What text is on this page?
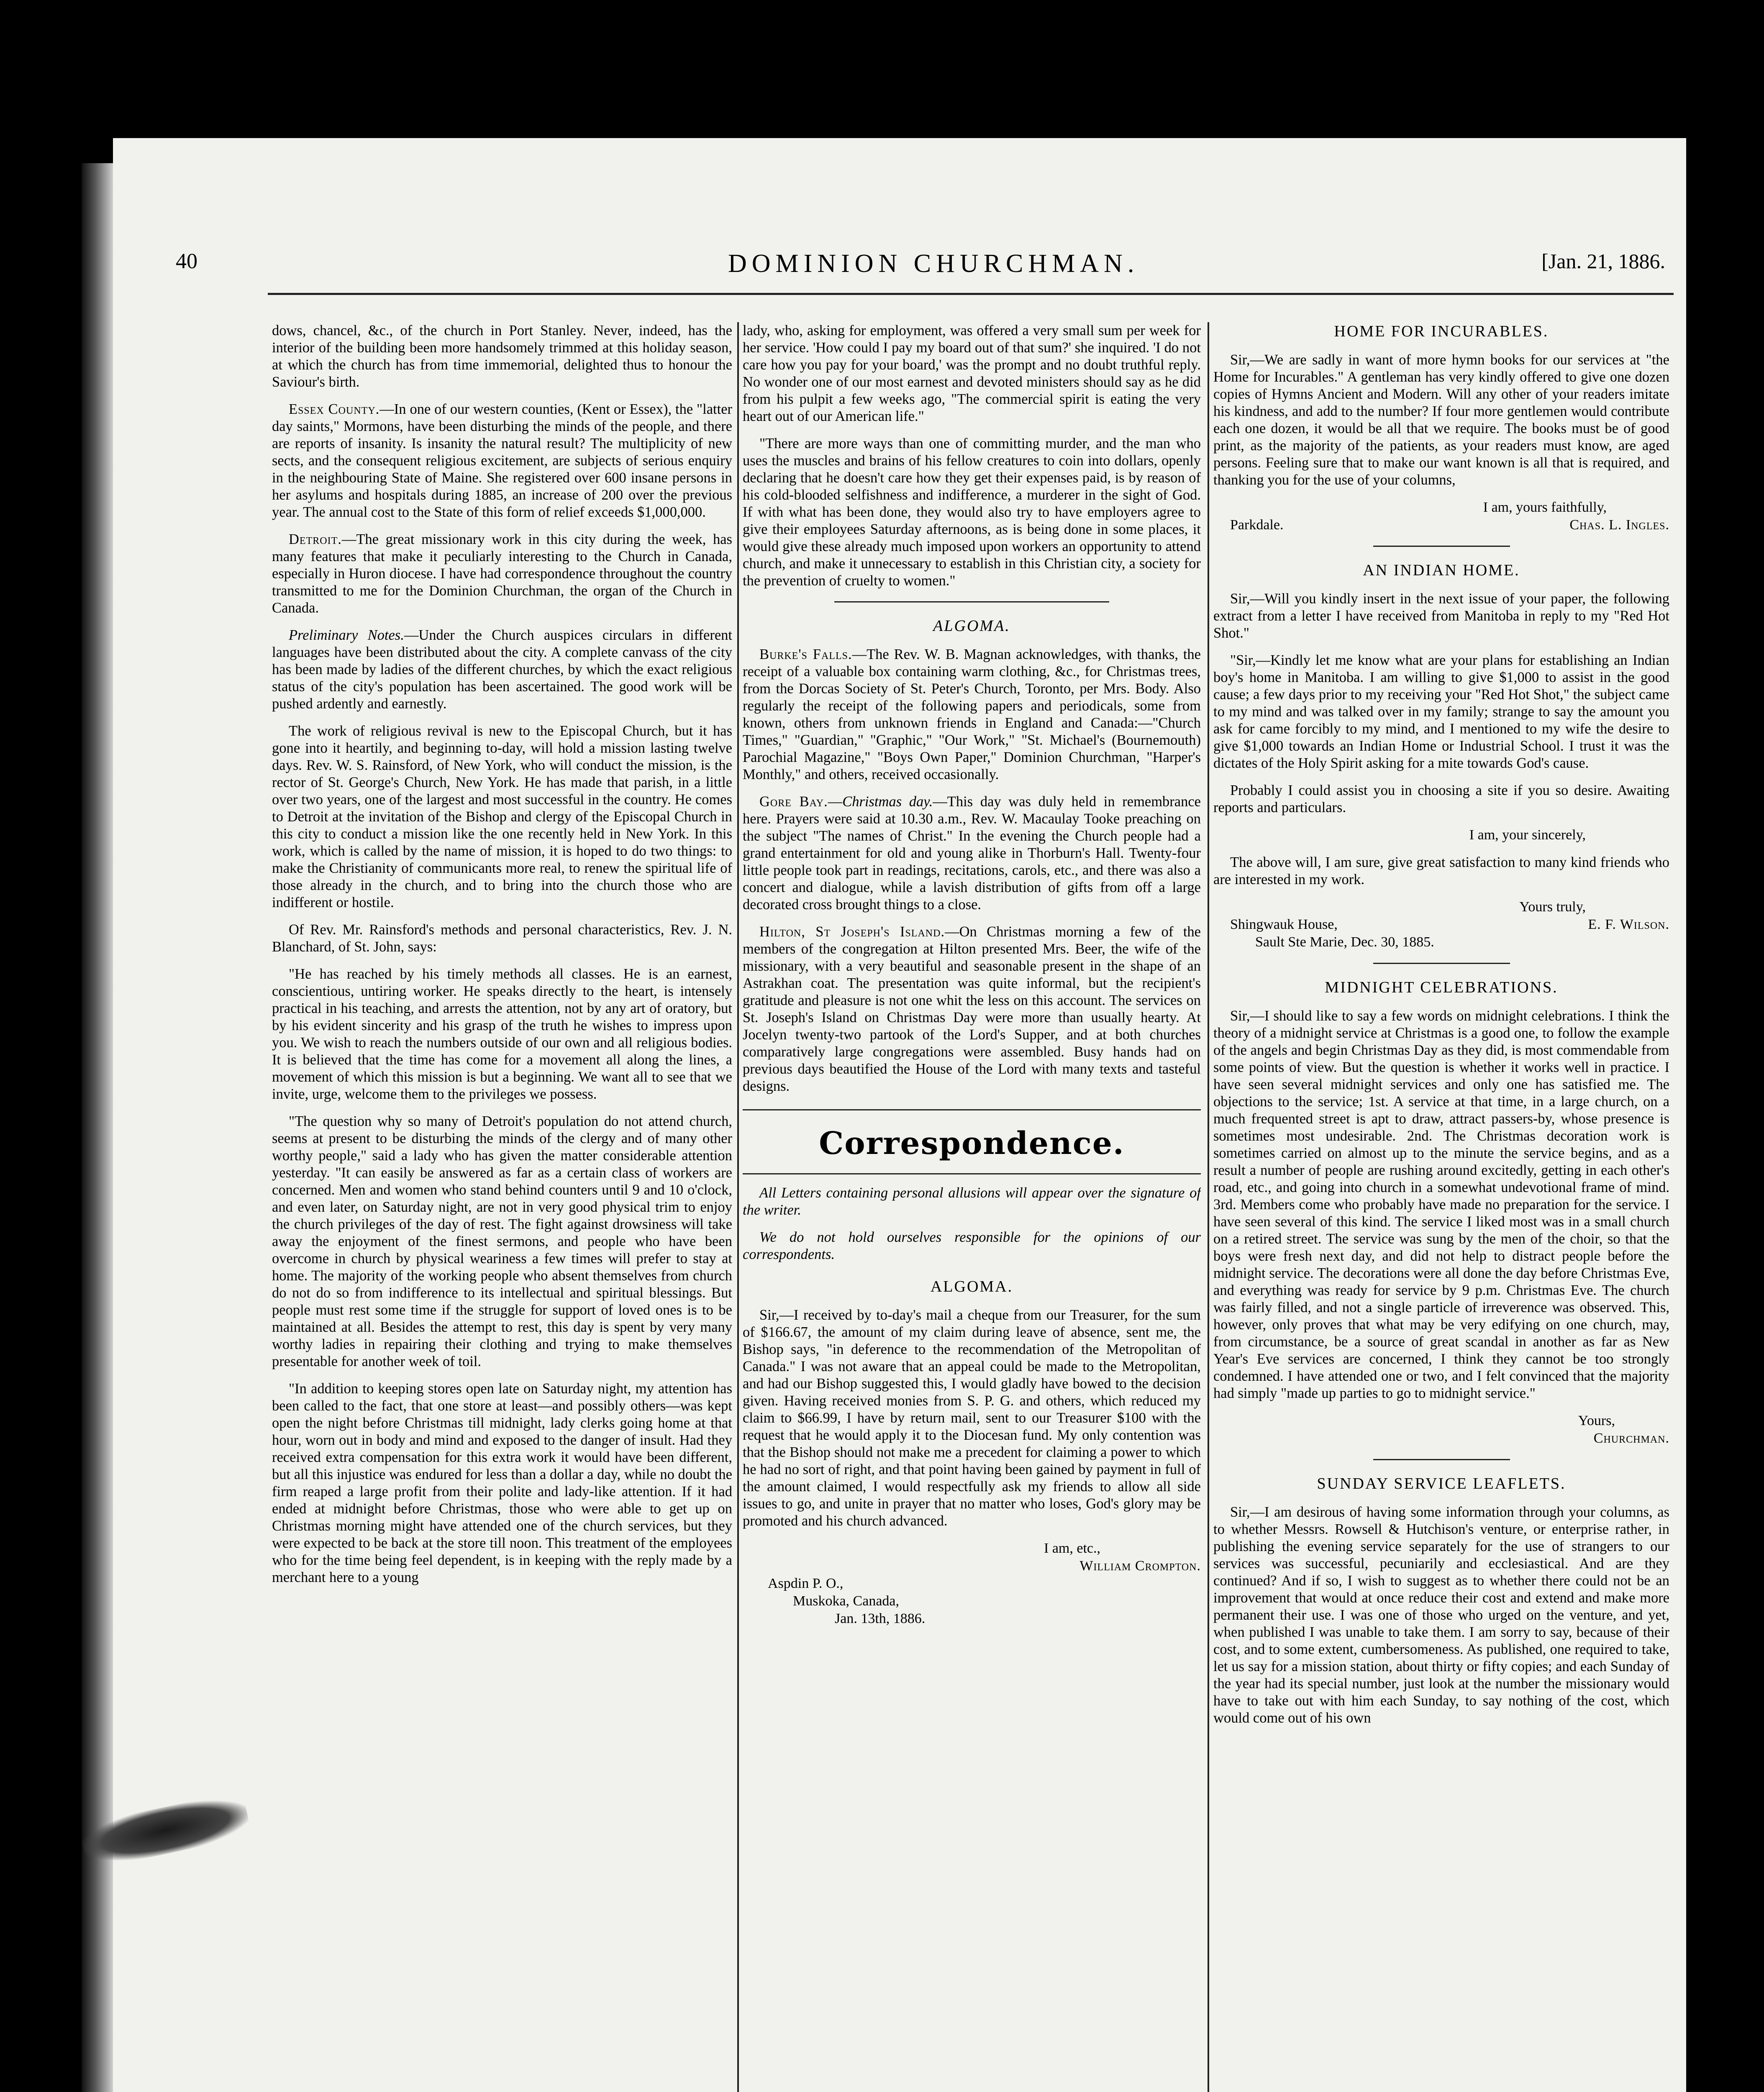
40	DOMINION CHURCHMAN.	[Jan. 21, 1886.

dows, chancel, &c., of the church in Port Stanley. Never, indeed, has the interior of the building been more handsomely trimmed at this holiday season, at which the church has from time immemorial, delighted thus to honour the Saviour's birth.

Essex County.—In one of our western counties, (Kent or Essex), the "latter day saints," Mormons, have been disturbing the minds of the people, and there are reports of insanity. Is insanity the natural result? The multiplicity of new sects, and the consequent religious excitement, are subjects of serious enquiry in the neighbouring State of Maine. She registered over 600 insane persons in her asylums and hospitals during 1885, an increase of 200 over the previous year. The annual cost to the State of this form of relief exceeds $1,000,000.

Detroit.—The great missionary work in this city during the week, has many features that make it peculiarly interesting to the Church in Canada, especially in Huron diocese. I have had correspondence throughout the country transmitted to me for the Dominion Churchman, the organ of the Church in Canada.

Preliminary Notes.—Under the Church auspices circulars in different languages have been distributed about the city. A complete canvass of the city has been made by ladies of the different churches, by which the exact religious status of the city's population has been ascertained. The good work will be pushed ardently and earnestly.

The work of religious revival is new to the Episcopal Church, but it has gone into it heartily, and beginning to-day, will hold a mission lasting twelve days. Rev. W. S. Rainsford, of New York, who will conduct the mission, is the rector of St. George's Church, New York. He has made that parish, in a little over two years, one of the largest and most successful in the country. He comes to Detroit at the invitation of the Bishop and clergy of the Episcopal Church in this city to conduct a mission like the one recently held in New York. In this work, which is called by the name of mission, it is hoped to do two things: to make the Christianity of communicants more real, to renew the spiritual life of those already in the church, and to bring into the church those who are indifferent or hostile.

Of Rev. Mr. Rainsford's methods and personal characteristics, Rev. J. N. Blanchard, of St. John, says:

"He has reached by his timely methods all classes. He is an earnest, conscientious, untiring worker. He speaks directly to the heart, is intensely practical in his teaching, and arrests the attention, not by any art of oratory, but by his evident sincerity and his grasp of the truth he wishes to impress upon you. We wish to reach the numbers outside of our own and all religious bodies. It is believed that the time has come for a movement all along the lines, a movement of which this mission is but a beginning. We want all to see that we invite, urge, welcome them to the privileges we possess.

"The question why so many of Detroit's population do not attend church, seems at present to be disturbing the minds of the clergy and of many other worthy people," said a lady who has given the matter considerable attention yesterday. "It can easily be answered as far as a certain class of workers are concerned. Men and women who stand behind counters until 9 and 10 o'clock, and even later, on Saturday night, are not in very good physical trim to enjoy the church privileges of the day of rest. The fight against drowsiness will take away the enjoyment of the finest sermons, and people who have been overcome in church by physical weariness a few times will prefer to stay at home. The majority of the working people who absent themselves from church do not do so from indifference to its intellectual and spiritual blessings. But people must rest some time if the struggle for support of loved ones is to be maintained at all. Besides the attempt to rest, this day is spent by very many worthy ladies in repairing their clothing and trying to make themselves presentable for another week of toil.

"In addition to keeping stores open late on Saturday night, my attention has been called to the fact, that one store at least—and possibly others—was kept open the night before Christmas till midnight, lady clerks going home at that hour, worn out in body and mind and exposed to the danger of insult. Had they received extra compensation for this extra work it would have been different, but all this injustice was endured for less than a dollar a day, while no doubt the firm reaped a large profit from their polite and lady-like attention. If it had ended at midnight before Christmas, those who were able to get up on Christmas morning might have attended one of the church services, but they were expected to be back at the store till noon. This treatment of the employees who for the time being feel dependent, is in keeping with the reply made by a merchant here to a young

lady, who, asking for employment, was offered a very small sum per week for her service. 'How could I pay my board out of that sum?' she inquired. 'I do not care how you pay for your board,' was the prompt and no doubt truthful reply. No wonder one of our most earnest and devoted ministers should say as he did from his pulpit a few weeks ago, "The commercial spirit is eating the very heart out of our American life."

"There are more ways than one of committing murder, and the man who uses the muscles and brains of his fellow creatures to coin into dollars, openly declaring that he doesn't care how they get their expenses paid, is by reason of his cold-blooded selfishness and indifference, a murderer in the sight of God. If with what has been done, they would also try to have employers agree to give their employees Saturday afternoons, as is being done in some places, it would give these already much imposed upon workers an opportunity to attend church, and make it unnecessary to establish in this Christian city, a society for the prevention of cruelty to women."

ALGOMA.

Burke's Falls.—The Rev. W. B. Magnan acknowledges, with thanks, the receipt of a valuable box containing warm clothing, &c., for Christmas trees, from the Dorcas Society of St. Peter's Church, Toronto, per Mrs. Body. Also regularly the receipt of the following papers and periodicals, some from known, others from unknown friends in England and Canada:—"Church Times," "Guardian," "Graphic," "Our Work," "St. Michael's (Bournemouth) Parochial Magazine," "Boys Own Paper," Dominion Churchman, "Harper's Monthly," and others, received occasionally.

Gore Bay.—Christmas day.—This day was duly held in remembrance here. Prayers were said at 10.30 a.m., Rev. W. Macaulay Tooke preaching on the subject "The names of Christ." In the evening the Church people had a grand entertainment for old and young alike in Thorburn's Hall. Twenty-four little people took part in readings, recitations, carols, etc., and there was also a concert and dialogue, while a lavish distribution of gifts from off a large decorated cross brought things to a close.

Hilton, St Joseph's Island.—On Christmas morning a few of the members of the congregation at Hilton presented Mrs. Beer, the wife of the missionary, with a very beautiful and seasonable present in the shape of an Astrakhan coat. The presentation was quite informal, but the recipient's gratitude and pleasure is not one whit the less on this account. The services on St. Joseph's Island on Christmas Day were more than usually hearty. At Jocelyn twenty-two partook of the Lord's Supper, and at both churches comparatively large congregations were assembled. Busy hands had on previous days beautified the House of the Lord with many texts and tasteful designs.

Correspondence.

All Letters containing personal allusions will appear over the signature of the writer.

We do not hold ourselves responsible for the opinions of our correspondents.

ALGOMA.

Sir,—I received by to-day's mail a cheque from our Treasurer, for the sum of $166.67, the amount of my claim during leave of absence, sent me, the Bishop says, "in deference to the recommendation of the Metropolitan of Canada." I was not aware that an appeal could be made to the Metropolitan, and had our Bishop suggested this, I would gladly have bowed to the decision given. Having received monies from S. P. G. and others, which reduced my claim to $66.99, I have by return mail, sent to our Treasurer $100 with the request that he would apply it to the Diocesan fund. My only contention was that the Bishop should not make me a precedent for claiming a power to which he had no sort of right, and that point having been gained by payment in full of the amount claimed, I would respectfully ask my friends to allow all side issues to go, and unite in prayer that no matter who loses, God's glory may be promoted and his church advanced.

I am, etc.,
William Crompton.
Aspdin P. O.,
Muskoka, Canada,
Jan. 13th, 1886.
HOME FOR INCURABLES.

Sir,—We are sadly in want of more hymn books for our services at "the Home for Incurables." A gentleman has very kindly offered to give one dozen copies of Hymns Ancient and Modern. Will any other of your readers imitate his kindness, and add to the number? If four more gentlemen would contribute each one dozen, it would be all that we require. The books must be of good print, as the majority of the patients, as your readers must know, are aged persons. Feeling sure that to make our want known is all that is required, and thanking you for the use of your columns,

I am, yours faithfully,
Parkdale.	Chas. L. Ingles.
AN INDIAN HOME.

Sir,—Will you kindly insert in the next issue of your paper, the following extract from a letter I have received from Manitoba in reply to my "Red Hot Shot."

"Sir,—Kindly let me know what are your plans for establishing an Indian boy's home in Manitoba. I am willing to give $1,000 to assist in the good cause; a few days prior to my receiving your "Red Hot Shot," the subject came to my mind and was talked over in my family; strange to say the amount you ask for came forcibly to my mind, and I mentioned to my wife the desire to give $1,000 towards an Indian Home or Industrial School. I trust it was the dictates of the Holy Spirit asking for a mite towards God's cause.

Probably I could assist you in choosing a site if you so desire. Awaiting reports and particulars.

I am, your sincerely,

The above will, I am sure, give great satisfaction to many kind friends who are interested in my work.

Yours truly,
Shingwauk House,	E. F. Wilson.
Sault Ste Marie, Dec. 30, 1885.
MIDNIGHT CELEBRATIONS.

Sir,—I should like to say a few words on midnight celebrations. I think the theory of a midnight service at Christmas is a good one, to follow the example of the angels and begin Christmas Day as they did, is most commendable from some points of view. But the question is whether it works well in practice. I have seen several midnight services and only one has satisfied me. The objections to the service; 1st. A service at that time, in a large church, on a much frequented street is apt to draw, attract passers-by, whose presence is sometimes most undesirable. 2nd. The Christmas decoration work is sometimes carried on almost up to the minute the service begins, and as a result a number of people are rushing around excitedly, getting in each other's road, etc., and going into church in a somewhat undevotional frame of mind. 3rd. Members come who probably have made no preparation for the service. I have seen several of this kind. The service I liked most was in a small church on a retired street. The service was sung by the men of the choir, so that the boys were fresh next day, and did not help to distract people before the midnight service. The decorations were all done the day before Christmas Eve, and everything was ready for service by 9 p.m. Christmas Eve. The church was fairly filled, and not a single particle of irreverence was observed. This, however, only proves that what may be very edifying on one church, may, from circumstance, be a source of great scandal in another as far as New Year's Eve services are concerned, I think they cannot be too strongly condemned. I have attended one or two, and I felt convinced that the majority had simply "made up parties to go to midnight service."

Yours,
Churchman.
SUNDAY SERVICE LEAFLETS.

Sir,—I am desirous of having some information through your columns, as to whether Messrs. Rowsell & Hutchison's venture, or enterprise rather, in publishing the evening service separately for the use of strangers to our services was successful, pecuniarily and ecclesiastical. And are they continued? And if so, I wish to suggest as to whether there could not be an improvement that would at once reduce their cost and extend and make more permanent their use. I was one of those who urged on the venture, and yet, when published I was unable to take them. I am sorry to say, because of their cost, and to some extent, cumbersomeness. As published, one required to take, let us say for a mission station, about thirty or fifty copies; and each Sunday of the year had its special number, just look at the number the missionary would have to take out with him each Sunday, to say nothing of the cost, which would come out of his own
